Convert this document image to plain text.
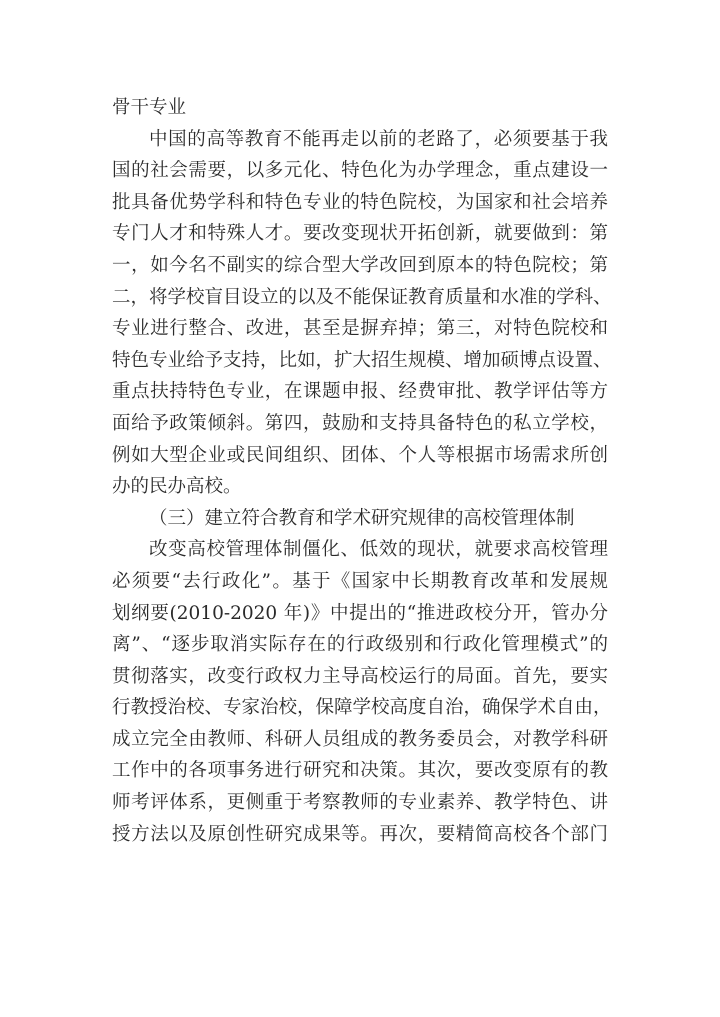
骨干专业
中国的高等教育不能再走以前的老路了，必须要基于我
国的社会需要，以多元化、特色化为办学理念，重点建设一
批具备优势学科和特色专业的特色院校，为国家和社会培养
专门人才和特殊人才。要改变现状开拓创新，就要做到：第
一，如今名不副实的综合型大学改回到原本的特色院校；第
二，将学校盲目设立的以及不能保证教育质量和水准的学科、
专业进行整合、改进，甚至是摒弃掉；第三，对特色院校和
特色专业给予支持，比如，扩大招生规模、增加硕博点设置、
重点扶持特色专业，在课题申报、经费审批、教学评估等方
面给予政策倾斜。第四，鼓励和支持具备特色的私立学校，
例如大型企业或民间组织、团体、个人等根据市场需求所创
办的民办高校。
（三）建立符合教育和学术研究规律的高校管理体制
改变高校管理体制僵化、低效的现状，就要求高校管理
必须要“去行政化”。基于《国家中长期教育改革和发展规
划纲要(2010-2020 年)》中提出的“推进政校分开，管办分
离”、“逐步取消实际存在的行政级别和行政化管理模式”的
贯彻落实，改变行政权力主导高校运行的局面。首先，要实
行教授治校、专家治校，保障学校高度自治，确保学术自由，
成立完全由教师、科研人员组成的教务委员会，对教学科研
工作中的各项事务进行研究和决策。其次，要改变原有的教
师考评体系，更侧重于考察教师的专业素养、教学特色、讲
授方法以及原创性研究成果等。再次，要精简高校各个部门
